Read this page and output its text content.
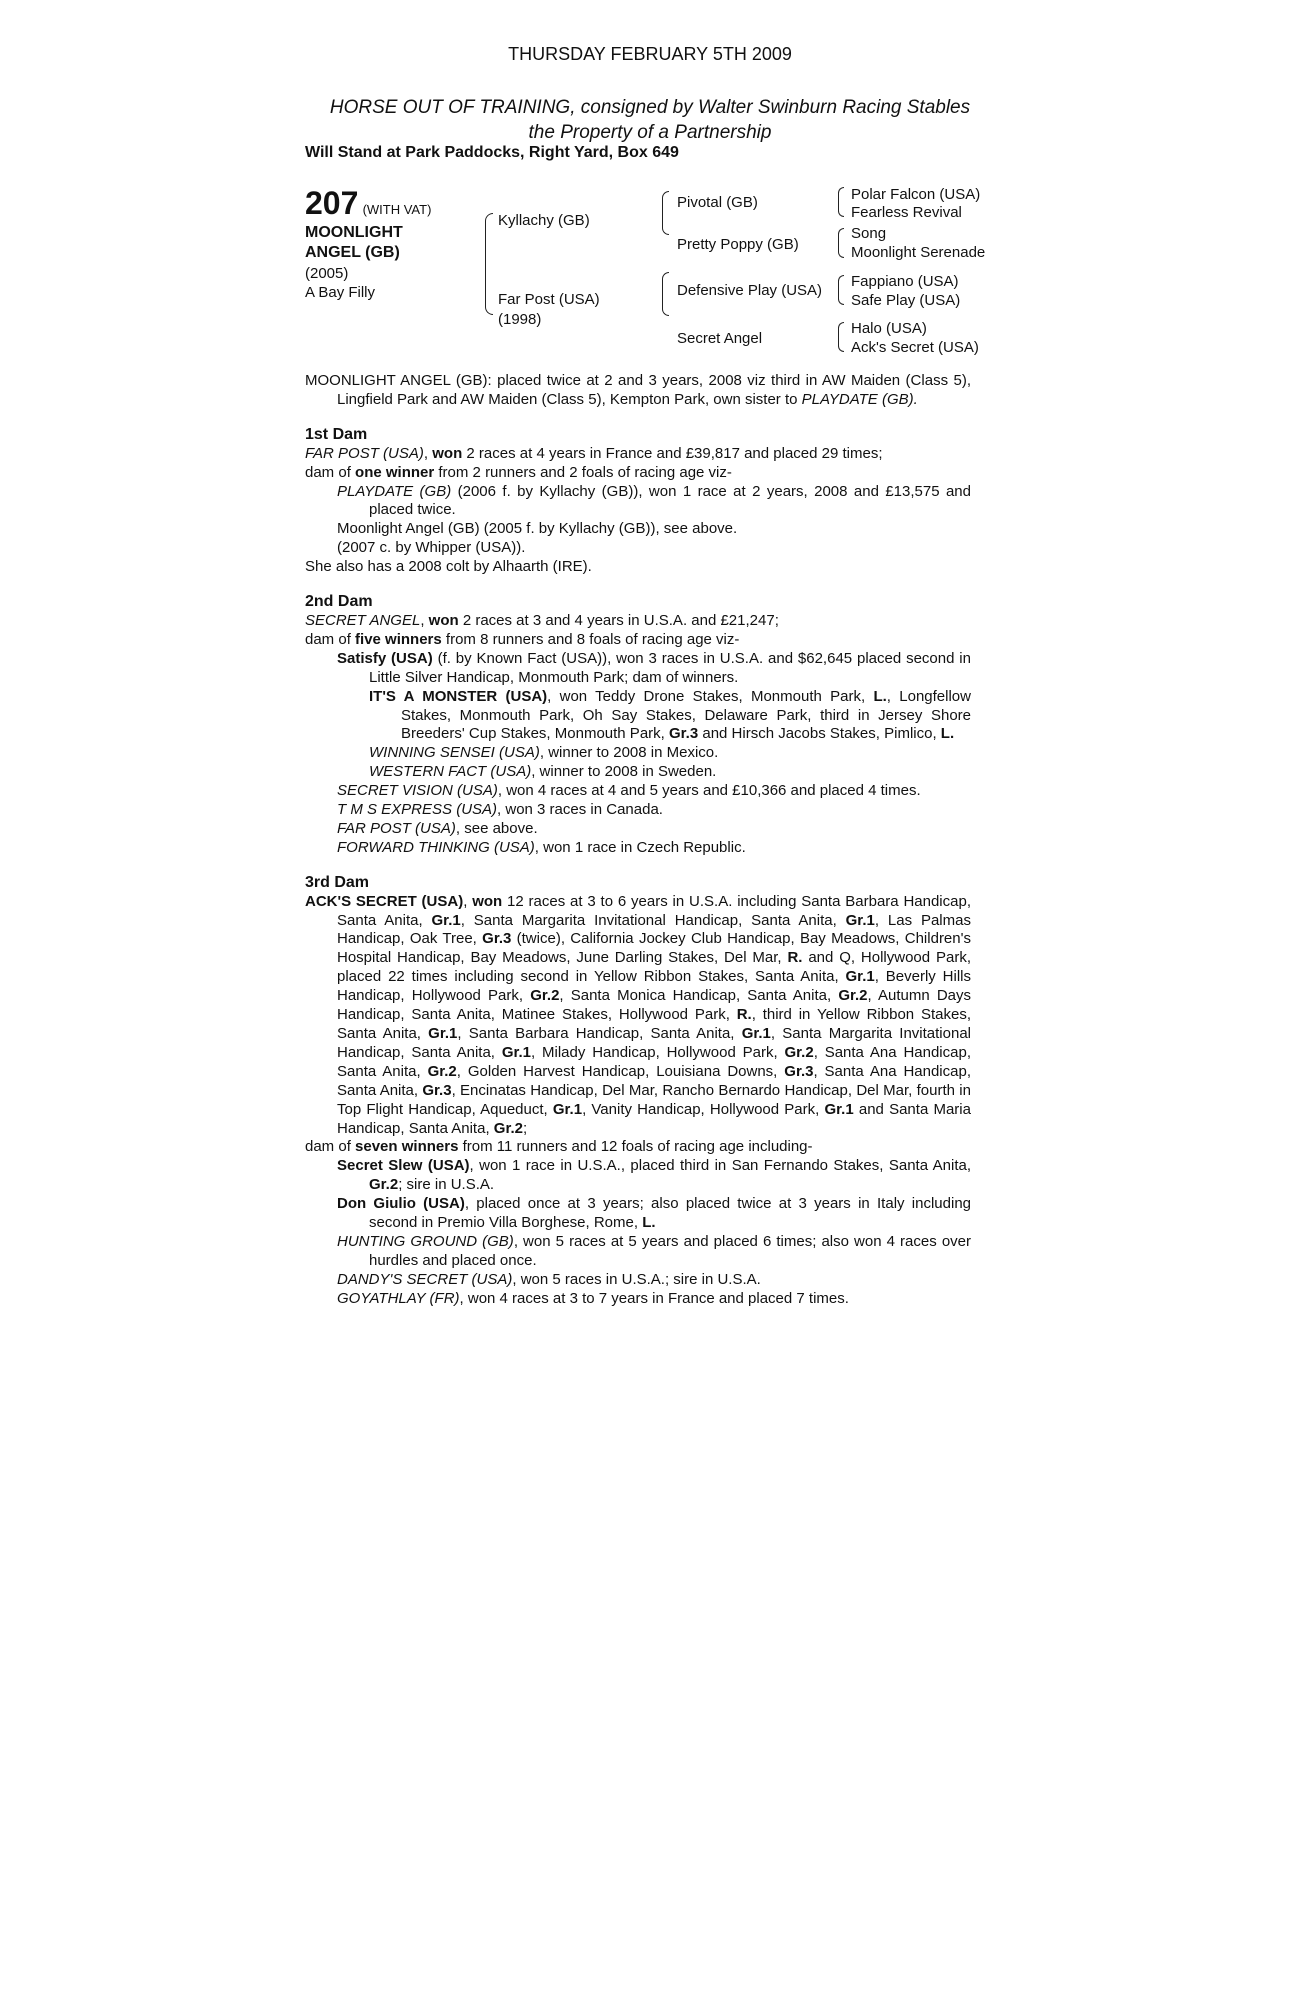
THURSDAY FEBRUARY 5TH 2009
HORSE OUT OF TRAINING, consigned by Walter Swinburn Racing Stables
the Property of a Partnership
Will Stand at Park Paddocks, Right Yard, Box 649
207 (WITH VAT)
MOONLIGHT
ANGEL (GB)
(2005)
A Bay Filly
Kyllachy (GB)
Far Post (USA)
(1998)
Pivotal (GB)
Pretty Poppy (GB)
Defensive Play (USA)
Secret Angel
Polar Falcon (USA)
Fearless Revival
Song
Moonlight Serenade
Fappiano (USA)
Safe Play (USA)
Halo (USA)
Ack's Secret (USA)

MOONLIGHT ANGEL (GB): placed twice at 2 and 3 years, 2008 viz third in AW Maiden (Class 5), Lingfield Park and AW Maiden (Class 5), Kempton Park, own sister to PLAYDATE (GB).

1st Dam

FAR POST (USA), won 2 races at 4 years in France and £39,817 and placed 29 times;

dam of one winner from 2 runners and 2 foals of racing age viz-

PLAYDATE (GB) (2006 f. by Kyllachy (GB)), won 1 race at 2 years, 2008 and £13,575 and placed twice.

Moonlight Angel (GB) (2005 f. by Kyllachy (GB)), see above.

(2007 c. by Whipper (USA)).

She also has a 2008 colt by Alhaarth (IRE).

2nd Dam

SECRET ANGEL, won 2 races at 3 and 4 years in U.S.A. and £21,247;

dam of five winners from 8 runners and 8 foals of racing age viz-

Satisfy (USA) (f. by Known Fact (USA)), won 3 races in U.S.A. and $62,645 placed second in Little Silver Handicap, Monmouth Park; dam of winners.

IT'S A MONSTER (USA), won Teddy Drone Stakes, Monmouth Park, L., Longfellow Stakes, Monmouth Park, Oh Say Stakes, Delaware Park, third in Jersey Shore Breeders' Cup Stakes, Monmouth Park, Gr.3 and Hirsch Jacobs Stakes, Pimlico, L.

WINNING SENSEI (USA), winner to 2008 in Mexico.

WESTERN FACT (USA), winner to 2008 in Sweden.

SECRET VISION (USA), won 4 races at 4 and 5 years and £10,366 and placed 4 times.

T M S EXPRESS (USA), won 3 races in Canada.

FAR POST (USA), see above.

FORWARD THINKING (USA), won 1 race in Czech Republic.

3rd Dam

ACK'S SECRET (USA), won 12 races at 3 to 6 years in U.S.A. including Santa Barbara Handicap, Santa Anita, Gr.1, Santa Margarita Invitational Handicap, Santa Anita, Gr.1, Las Palmas Handicap, Oak Tree, Gr.3 (twice), California Jockey Club Handicap, Bay Meadows, Children's Hospital Handicap, Bay Meadows, June Darling Stakes, Del Mar, R. and Q, Hollywood Park, placed 22 times including second in Yellow Ribbon Stakes, Santa Anita, Gr.1, Beverly Hills Handicap, Hollywood Park, Gr.2, Santa Monica Handicap, Santa Anita, Gr.2, Autumn Days Handicap, Santa Anita, Matinee Stakes, Hollywood Park, R., third in Yellow Ribbon Stakes, Santa Anita, Gr.1, Santa Barbara Handicap, Santa Anita, Gr.1, Santa Margarita Invitational Handicap, Santa Anita, Gr.1, Milady Handicap, Hollywood Park, Gr.2, Santa Ana Handicap, Santa Anita, Gr.2, Golden Harvest Handicap, Louisiana Downs, Gr.3, Santa Ana Handicap, Santa Anita, Gr.3, Encinatas Handicap, Del Mar, Rancho Bernardo Handicap, Del Mar, fourth in Top Flight Handicap, Aqueduct, Gr.1, Vanity Handicap, Hollywood Park, Gr.1 and Santa Maria Handicap, Santa Anita, Gr.2;

dam of seven winners from 11 runners and 12 foals of racing age including-

Secret Slew (USA), won 1 race in U.S.A., placed third in San Fernando Stakes, Santa Anita, Gr.2; sire in U.S.A.

Don Giulio (USA), placed once at 3 years; also placed twice at 3 years in Italy including second in Premio Villa Borghese, Rome, L.

HUNTING GROUND (GB), won 5 races at 5 years and placed 6 times; also won 4 races over hurdles and placed once.

DANDY'S SECRET (USA), won 5 races in U.S.A.; sire in U.S.A.

GOYATHLAY (FR), won 4 races at 3 to 7 years in France and placed 7 times.
